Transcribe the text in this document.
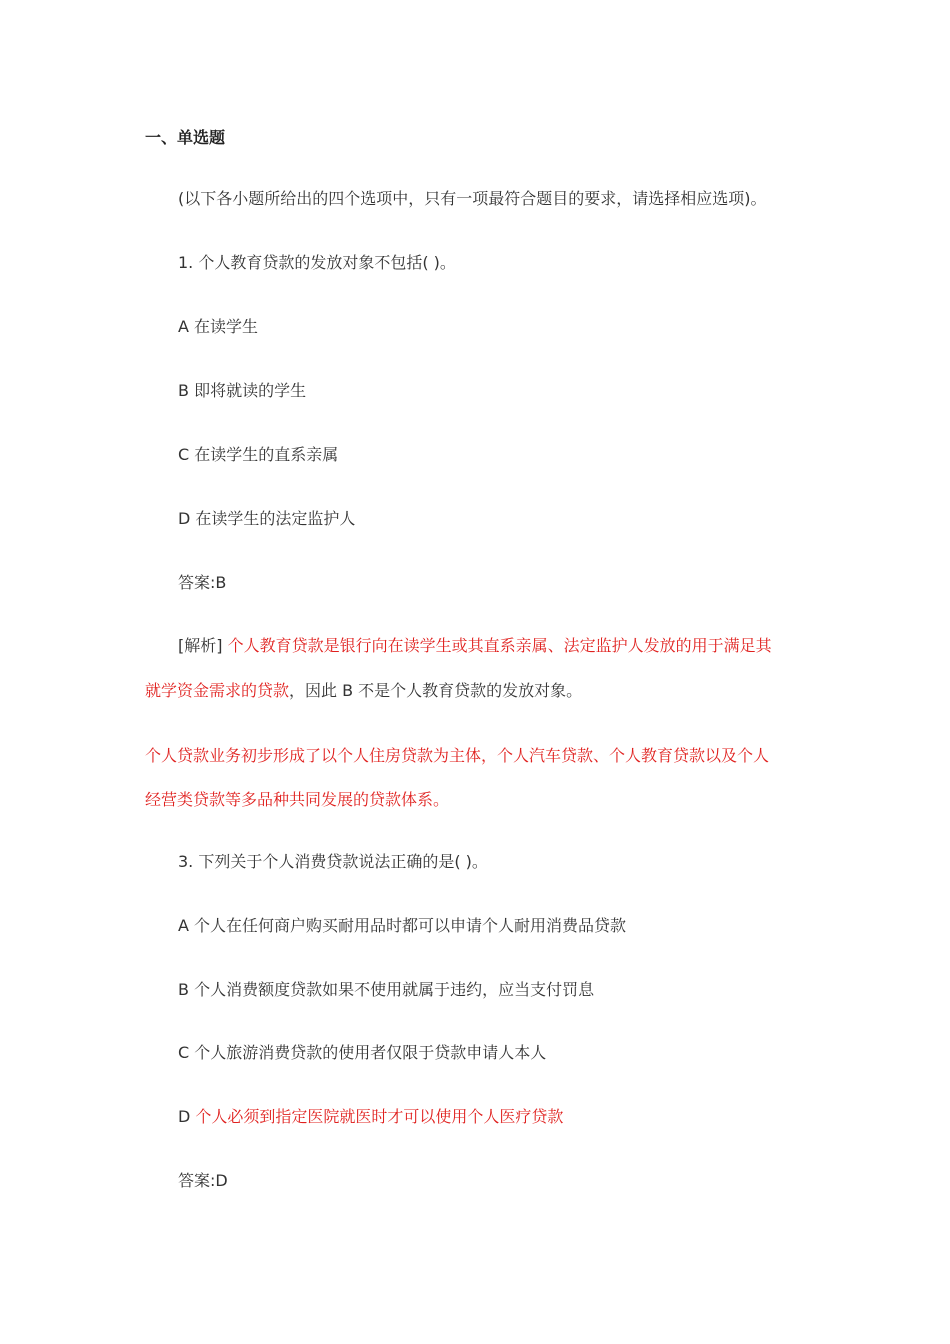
一、单选题
(以下各小题所给出的四个选项中，只有一项最符合题目的要求，请选择相应选项)。
1. 个人教育贷款的发放对象不包括( )。
A 在读学生
B 即将就读的学生
C 在读学生的直系亲属
D 在读学生的法定监护人
答案:B
[解析] 个人教育贷款是银行向在读学生或其直系亲属、法定监护人发放的用于满足其
就学资金需求的贷款，因此 B 不是个人教育贷款的发放对象。
个人贷款业务初步形成了以个人住房贷款为主体，个人汽车贷款、个人教育贷款以及个人
经营类贷款等多品种共同发展的贷款体系。
3. 下列关于个人消费贷款说法正确的是( )。
A 个人在任何商户购买耐用品时都可以申请个人耐用消费品贷款
B 个人消费额度贷款如果不使用就属于违约，应当支付罚息
C 个人旅游消费贷款的使用者仅限于贷款申请人本人
D 个人必须到指定医院就医时才可以使用个人医疗贷款
答案:D
